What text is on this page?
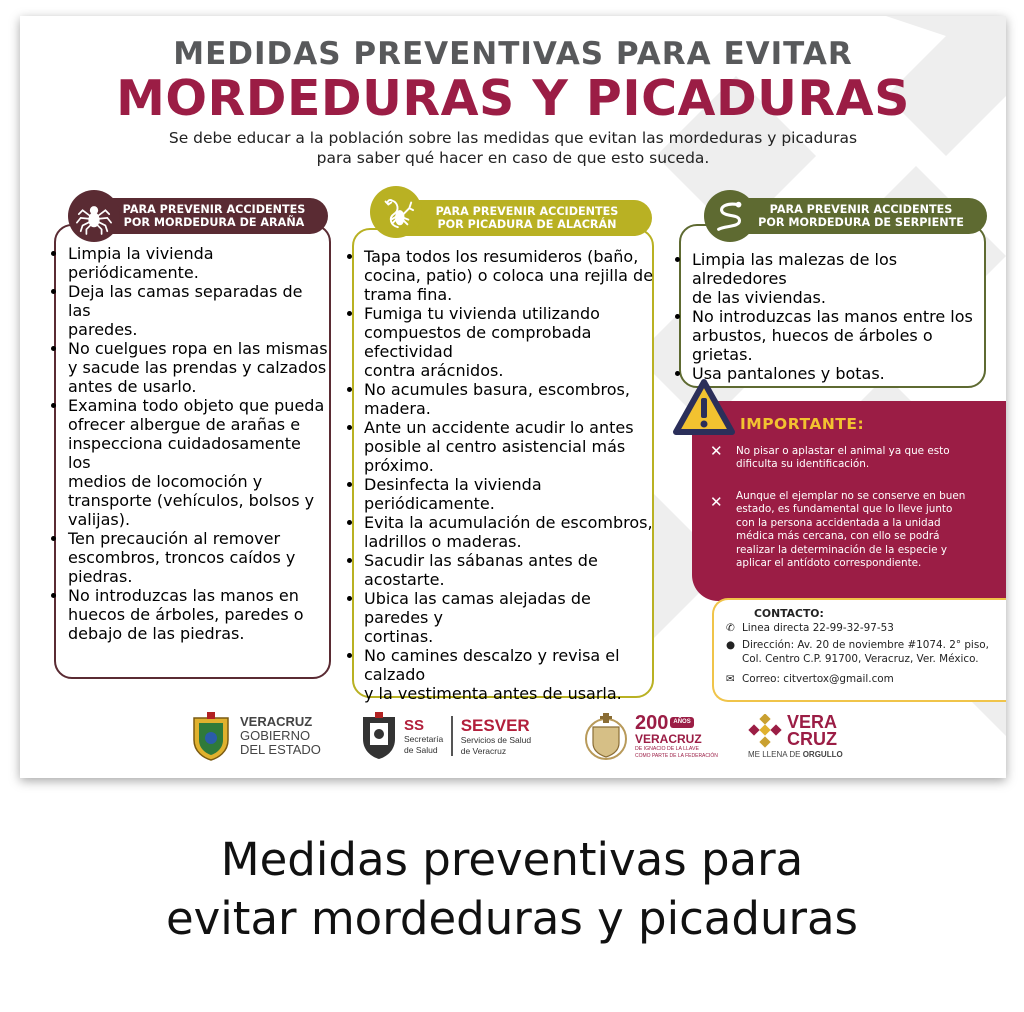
MEDIDAS PREVENTIVAS PARA EVITAR
MORDEDURAS Y PICADURAS
Se debe educar a la población sobre las medidas que evitan las mordeduras y picaduras
para saber qué hacer en caso de que esto suceda.
PARA PREVENIR ACCIDENTES
POR MORDEDURA DE ARAÑA
• Limpia la vivienda periódicamente.
• Deja las camas separadas de las
paredes.
• No cuelgues ropa en las mismas
y sacude las prendas y calzados
antes de usarlo.
• Examina todo objeto que pueda
ofrecer albergue de arañas e
inspecciona cuidadosamente los
medios de locomoción y
transporte (vehículos, bolsos y
valijas).
• Ten precaución al remover
escombros, troncos caídos y
piedras.
• No introduzcas las manos en
huecos de árboles, paredes o
debajo de las piedras.
PARA PREVENIR ACCIDENTES
POR PICADURA DE ALACRÁN
• Tapa todos los resumideros (baño,
cocina, patio) o coloca una rejilla de
trama fina.
• Fumiga tu vivienda utilizando
compuestos de comprobada efectividad
contra arácnidos.
• No acumules basura, escombros,
madera.
• Ante un accidente acudir lo antes
posible al centro asistencial más
próximo.
• Desinfecta la vivienda periódicamente.
• Evita la acumulación de escombros,
ladrillos o maderas.
• Sacudir las sábanas antes de acostarte.
• Ubica las camas alejadas de paredes y
cortinas.
• No camines descalzo y revisa el calzado
y la vestimenta antes de usarla.
PARA PREVENIR ACCIDENTES
POR MORDEDURA DE SERPIENTE
• Limpia las malezas de los alrededores
de las viviendas.
• No introduzcas las manos entre los
arbustos, huecos de árboles o grietas.
• Usa pantalones y botas.
IMPORTANTE:
✕ No pisar o aplastar el animal ya que esto
dificulta su identificación.
✕ Aunque el ejemplar no se conserve en buen
estado, es fundamental que lo lleve junto
con la persona accidentada a la unidad
médica más cercana, con ello se podrá
realizar la determinación de la especie y
aplicar el antídoto correspondiente.
CONTACTO:
✆ Linea directa 22-99-32-97-53
● Dirección: Av. 20 de noviembre #1074. 2° piso,
Col. Centro C.P. 91700, Veracruz, Ver. México.
✉ Correo: citvertox@gmail.com
VERACRUZ
GOBIERNO
DEL ESTADO
SS
Secretaría
de Salud
SESVER
Servicios de Salud
de Veracruz
200 AÑOS
VERACRUZ
DE IGNACIO DE LA LLAVE
COMO PARTE DE LA FEDERACIÓN
VERA
CRUZ
ME LLENA DE ORGULLO
Medidas preventivas para
evitar mordeduras y picaduras
